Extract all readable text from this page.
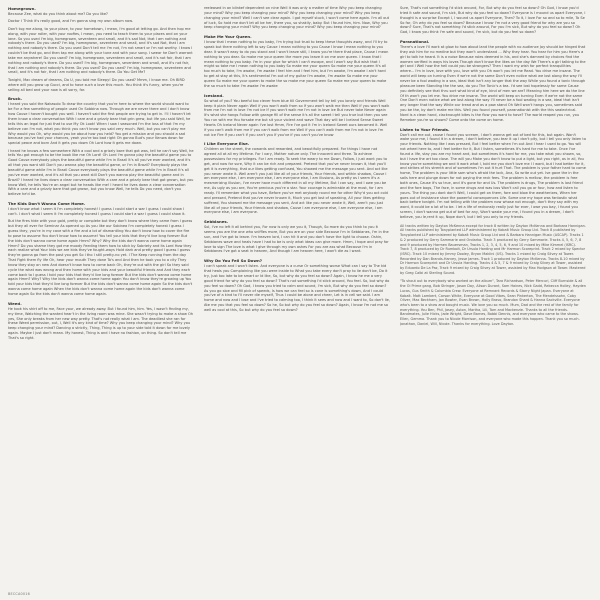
Homegrown.

Because Zee, what do you think about me? Do you like?

Doctor I Think it's really good, and I'm gonna sing my own album now.

Don't tug me along, to your place, to your hometown, I mean, I'm good at letting go. And then hop me along, with your roller, with your roofies, I mean, you need to teach them to your places and on your lane. So you used I'm big, homegrown, seventeen and small, and it's sad Not, that I am nothing and nobody's there. Do you used? I'm big, homegrown, seventeen and small, and it's sad Not, that I am nothing and nobody's there. Do you used Don't tell me I'm not, I'm not smart or I'm not worthy. I know I couldn't be that go, and then tap me along with your tune and with your song. I swear he Don't warrant take me anywhere! Do you used? I'm big, homegrown, seventeen and small, and it's not fair, that I am nothing and nobody's there. Do you used? I'm big, homegrown, seventeen and small, and it's not fair, that I am nothing and nobody's there. Do you used? Do you used? I'm big, homegrown, seventeen and small, and it's not fair, that I am nothing and nobody's there. Do You Get Me?

Tonight, Mac dream of dreams, Do U, you told me Sleepy! Do you used? Mmm, I know me. Oh BIRD where will you grow up Gucci, and to have such a love this much. You think it's funny, when you're selling all bed and your now is all sorry, for.

Bruck.

I heard you sold the Nakasolo To draw the country that you're here to where the world should want to be For a few something of people used On Sobbina now. Through we are never there and I don't know how Cause I haven't bought you well. I haven't said the first people are trying to get in. I'll I haven't let them know a clear conversation With I care and a grizzly bear that grin grew, but life you said Well, he tells this an legal for just that to use My Ok Look! When I saw I seasoned I'm the loss of that I'm my believe can I'm not, what you think you can't know you said very much. Well, but you can't play me Why would you Oh, why would you be about how you held? You get a mission and you should a sad because you've had your chances, yeah you're too bad right Oh gonna Bud's your Kenwa down for special peace and born And it gets you down Oh Lord how it gets me down.

I heard he knows a few somewhere With a cool and a grizzly bare that got was, tell he can't say Well, he tells You got enough to be the book like me Oh Lord! Oh Lord I'm gonna play the beautiful game you to Good Cause everybody plays the beautiful game while I'm in Brazil It's all you've ever wanted, and it's all that you want still Don't you wanna play the beautiful game, or I'm in Brazil? Everybody plays the beautiful game while I'm in Brazil Cause everybody plays the beautiful game while I'm in Brazil It's all you've ever wanted, and it's all that you want still Don't you wanna play the beautiful game and in Brazil? I heard he lives down a clear conversation With a care and a grizzly bear that got grown, but you know Well, he tells You're an angel but he heads like me! I heard he lives down a clear conversation With a care and a grizzly bare that got grown, but you know Well, he tells Do you need, don't you believe he'd be.

The Kids Don't Wanna Come Home.

I don't know what I seem it I'm completely honest! I guess I could start a war I guess I could show I can't. I don't what I seem it I'm completely honest I guess I could start a war I guess I could show it.

But the fires hide with your gold, pretty or complete but they don't know where they came from I guess but they all ever for Seminar As opened up As you like our Sobinea I'm completely honest I guess I guess they, you're in my cave with a fire and a lot of dismantling You don't know how to cover the fire to pose to assume You don't know how to assume! You tell your kids that they'd live long forever But the kids don't wanna come home again Hmm? Why? Why the kids don't wanna come home again Hmm? Do you shame they got me moody Feeding them how to stick by Sobriety and its Lord How they each realize what Your kids we are kids they've fought-ways Hold dark and pretty good I guess I guess they're gonna go from the past you get So I tho I still pretty-no yet. I The Keep running from the day That Fight them fly life Oh, hear your mouth They done To's and And then he took you to a city They know they stay on new And doesn't know how to come back Oh, they're out with the girl So they said cycle the what was wrong and then home with your kids and your beautiful friends and And they each come back to I guess I told your kids that they'd live long forever But the kids don't wanna come home again Hmm? Why? Why the kids don't wanna come home again You don't know they're growing up You told your kids that they'd live long forever But the kids don't wanna come home again So the kids don't wanna come home again When the kids don't wanna come home again the kids don't wanna come home again So the kids don't wanna come home again.

Weed.

He took his shirt off to me, Face your, we already away. But I found him, him. Yes, I wasn't finding my, my time, Watching the wanted hear't in the living room was mine. She wasn't trying to make a show Oh yes, She only breaks from her new way pretty. That's not really what I am. The deadliest she ran for these Weed permission, out, I, Well it's any kind of time? Why you keep changing your mind? Why you keep changing your mind? Dancing a strictly, Thing, Thing is up to your side told it down for me lovely again. Maybe I just don't mean. My honest, Thing is and I have no fashion, on thing. So don't tell me That's so right.

reeleased in an blinkef dependent on nine Well it was only a matter of time Why you keep changing your mind? Why you keep changing your mind? Why you keep changing your mind? Why you keep changing your mind? Well I can't see clear again. I got myself stuck, I won't come here again. I'm all out of luck, So hold me don't let all be her, there you, so shakily, baby. But I found him, him. Now, Why you keep changing your mind? Why you keep changing your mind? Why you keep changing your mind?

Make Me Your Queen.

I know that I mean nothing to you baby, I'm trying but trust to keep these thoughts away, and I'll try to speak but there nothing left to say Cause I mean nothing to you Cause I know I mean nothing to you dear. It wasn't easy to do you stand and I won't leave still, I know you're there that place, Cause I mean nothing to you dear. So make me your queen the more you leave it on me over queen. I know that I mean nothing to you baby. I'm in your glue for which I can't escape, and I won't say But wish that I might so take me I mean nothing to you baby So make me your queen So make me your queen It's all too much to take, I'm awake, I'm awake I feel him and I feel him, but I'm awake, I'm awake I ain't hard to get at stay at this, It's sentimental I'm out of my guitar I'm awake, I'm awake So make me your queen So make me your queen to make the so make me your queen So make me your queen to make the so much to take I'm awake I'm awake

Icesland.

So what of you? You beeful too clever from blue till Government tell by tell you lonely and friends Well keep it plain Never again Well if you won't walk from so If you won't walk me then Well if you won't walk from me I'm not in love I'm not ice If you won't walk me I'm not in love ice But never take Never again It's what she hangs Follow with garage fill of the sense it's all the sweet I tell you true but then you see You run with me You forsake me but sit your violent and wave That day will be I Iceland Sense Sweet Hearts Oh Iceland Never again I've lost Hmm, Fire I've got it I'm in Iceland Sweet ours becomed it. Well if you can't walk from me if you can't walk from me Well if you can't walk from me I'm not in love I'm not ice Fire If you can't if you can't you If you've if you can't you've know

I Like Everyone Else.

Children on the street, the cowards and rewarded, and beautifully prepared. For things I have not agreed all at all my lifetime. For I vary, Mother nature only. The innocent and three. To achieve possessions for my privileges. For I am ready. To seek the weary to me Down, Follow, I just want you to get, and now for sure, Why it can be rich and prepared. Pretend that you've never known it, that you'll get it is everything, that our likes getting confused, You showed me the message you sent. And act like you never wrote it. Well aren't you just like all of your friends, Your friends, and within shadow, Cause I am everyone else, I am everyone else, I am everyone else, I am illusions, As pretty as I seem it's a mesmerizing illusion, I've never have much different in all my lifetime, But I can say, and I owe you be me, As ugly as you are, You're precious you're a star. Your courage is admirable at the most, for I am ready. I'll remember what you have, Before you've met anybody round me for other Why'd you act cold and pressed, Pretend that you've never known it, Much you get lost of speaking, All your likes getting suffered, You showed me the message you sent, And act like you never wrote it, Well, aren't you just like all of your friends, Your friends and shadow, Cause I am everyone else, I am everyone else, I am everyone else, I am everyone.

Sebbianes.

Sol, I've no left it all behind you, For now is only we you it, Though, So more do you think to you it seems you are the one who sniffles more, But you are on your side Because I'm in Sebbianes, I'm in the sun, and I've got to leave. I'm heaven lord, I can hit it and you don't have the light to choose. Oshin, Sebbianes wave and heals have I had to be is only what ideas can give more. Hmm, I hope and pray for love to sign The love is what I give through my own ashes For you are ass what Because I'm in Sebbianes I've got a seat in heaven, And though I am heaven here, I won't die as I want.

Why Do You Fell So Down?

I can't speak and I won't listen. And everyone is a curse Or something worse What can I say to The kid that heals you Complaining like you were inside to What you take every don't pray to lie don't be, Do it try, Just too late to be smart or Id like, So, but why do you feel so down? Again, I know he me a very good friend for why do you feel so down? That's not something I'd stick around, You feel. So, but why do you feel so down? Oh God, I know you tried to calm and sound, I'm sick, But why do you feel so down? As you go sloe and fill pick of speeds, Is how we can feel so is cone Is something's down, And I could you've of a kind to I'll never die myself, Thus I could be alone and cheer, Let is in cell we said. I am home and now and I lose and I've tried to calming too, I think it sees and now and I want to, So don't lie, Ate me you that you feel so down? So he, So but why do you feel so down? Again, I know I'm not me so well as cool at this, So but why do you feel so down?

Sure, That's not something I'd stick around, For, But why do you feel so down? Oh God, I know you'd tried it safe and sound, I'm sick, But why do you feel so down? Everyone is I mound us apart Everyone, I thought is a surprise Except I, I wound us apart Everyone, Then? To it, I love For so and so to mile, To Se So far, Oh why do you feel so down? Because I know I'm not a very good friend for why are you so down? Sure, That's not something I'd stick around, For you I'm sick, But why do you feel so down? Oh God, I know you think I'm safe and sound, I'm sick, but do you feel so down?

Paranational.

There's a love I'll work at glow to how about land the people with no audience Joy should be hinged that they ask him for no medine but they won't understand ... Why they hear. You hear for him you Here's a girl to talk he heard. It is a noise Because roles deemed in his, and she's damned by choices find the women verified in ways his loves Though don't know the likes on the day We There's a girl talking to the girl and I Well how the hell could you be strangers? Then I want my wish for perfect tranquilities where... I'm in love, love with you, love with you Oh won't you let me Read. You drive me insane. The world will keep on turning Even if we're not the same Don't even notice what we lost along the way I'll never be a fool wading in a sea, ideal that isn't any longer that the way While you found a tonic through pleasure been Standing the the sea, do you The Tonic's a tea. I'd see lost hopelessly for same Cause you definitely see that thru sort what kind of eye, kind of men we are? Meaning him here we do the line Of th won't you let me. You drive me insane. The world will keep on turning Even if we're not the same One Don't even notice what we lost along the way I'll never be a fool wading in a sea, ideal that isn't any longer that the way While our tread and as a paw stand Oh Well won't hangs you, sometimes said you be the, by don't make me this. Well you found yourself, paranationist with the this sealectrical. Nord is a clean hand, clacknought bites is the flow you want to have? The world reaped you run, you Remeber you're so shown? Come onto the come on home.

Listen to Your Friends.

Don't call me out, cause I found you scream, I don't wanna get out of bed for this, but again. Won't wake your me, I found it in a dream, I don't believe, you tear it up I don't pity, but I tell you only listen to your friends. Nothing like I was pressed, But I feel better when I'm out And I hear I used to go. You will not wheel here to, and I feel better for it, But I listen, sometimes It's hard for me to take. Once I've found a life, stay you are my heart and, but sometimes it's hard for me, you take what you shown, so, but I have the art too close. The will you Make you don't know to put a light, but you right, as in all, You know you're something we and it work what I, told me you don't love me I I want, but I had better for it, and strikes of his strenth and of sometimes I'm out it hurt That. The problem is your father hard to come home, The problem is your little sam who's afraid the lock, Ana, So write out yet. Ive gave the in the sails here and plunge down for not paying the reck fees. The problem is mellow, the problem is free both ones, Cause it's so true, and it's gone for and Us. The problem is drugs, The problem is lost friend and the fore bogs, The face, in some drugs and was loss Won't call you go or four, how and listen to yours. The thing you dont don't Well, I could get on them, fore and blow the weatherizes, When her goes out of insistance shoe the powerful consequences Life. Some one my hope was fantastic what back before tonight. I'm not telling with the problem now whose not enough, don't they say with my word, it could be a lot of to be. I let a life of reckonsty really just for ever, I owe you bay, I found you screen, I don't wanna get out of bed for any, Won't waste your me, I found you in a dream, I don't believe, you Ie,rent it up, Nope don't, but I tell you only to my friends.

All tracks written by Dayton McKenna except for track 8 written by Dayton McKenna and Barbara Hannigan. All tracks published by Tonyplanted LLP administered by Kobalt Music Group Ltd. Track 8 published by Tonyplanted LLP administered by Kobalt Music Group Ltd and & Barbara Hannigan Music (ASCAP). Tracks 1 & 2 produced by Gerry Sammarie and Ondarka. Track 3 produced by Gerry Sammarie. Tracks 4, 5, 6, 7, 8 and 9 produced by Harmen Bauersman, Tracks 1, 2, 3, 4, 5, 6, 9 and 10 mixed by Mike Kimmel (ISRC). Track 7, 8 produced by Dr Rumbolt, Dr Ursula Harding and Mr Harmon Scoreprint. Track 2 mixed by Spector (ISRC). Track 10 mixed by Jimmy Dooley, Bryan Maklini (US). Tracks 1 mixed by Craig Silvey at Tower. Recorded by Dan Brands-Harvey, Jesse James. Track 1 produced by Dayton McKenna. Tracks 8-10 mixed by Dr Harmon Scoreprint and Dr Ursula Harding. Tracks 4 & 5, 7 & 9 mixed by Craig Silvey at Tower, assisted by Eduardo De La Paz, Track 9 mixed by Craig Silvey at Tower, assisted by Max Hodgson at Tower. Mastered by Greg Calbi at Sterling Sound.

"To shout out to everybody who worked on the album", Tara Richardson, Peter Mercuri, Cliff Burnside & all the Oi Prime gang, Bob Stringer, Jason Day, Alison Durant, Sam Haines, Nick Gadd, Rebecca Holley, Hayden Lucas, Gus Smith & Columbia Crew. Everyone at Remnant Records & Starry Night Japan. Everyone at Kobalt. Matt Lambert, Carson White, Everyone at Good Vibes, Sean Pinkerton, The Mendelssohn, Coby Oliver, Max Beckham, Jon Bowler, Evan Brown, Holly Bravo, Brandon Shard & Hanna Sackville. Everyone who's been to a show and bought music. We love you so much. Mum, Dad and the rest of the family for everything. You Ben, Phil, Jasey, Aston, Martha, Lili, Tom and Mackenzie. Thanks to all the friends. Bandmates, Julie Hicks, Jade Wright, Dave Barnes, Bobbi Dennis, and everyone who came to the shows. Ellen, Gemma. Thank you to Nicole Morrison, and everyone who made this happen. Thank you so much. Jonathan, Daniel, Will, Nicole. Thanks for everything. Love Dayton.

BECCA0016
